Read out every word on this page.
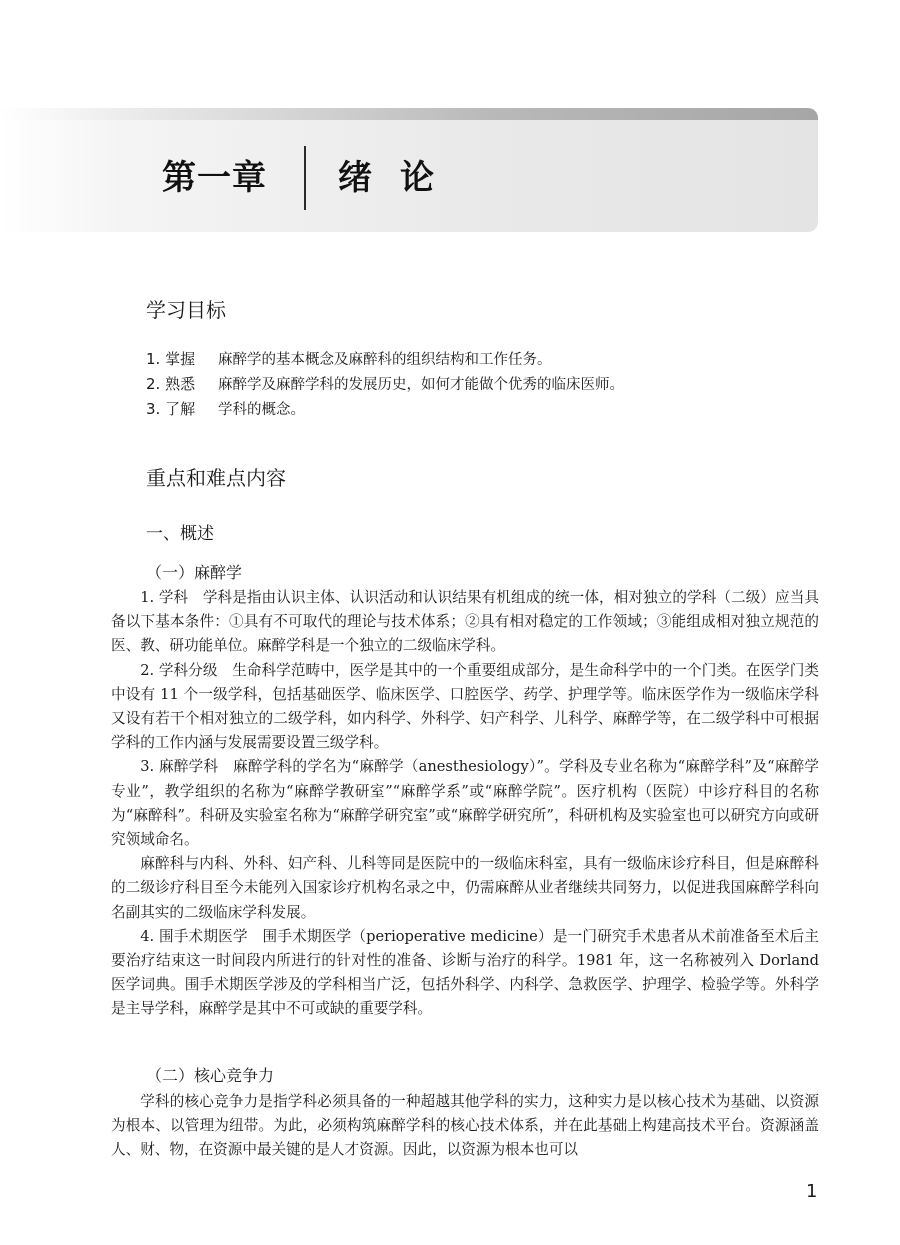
第一章 绪论
学习目标
1. 掌握 麻醉学的基本概念及麻醉科的组织结构和工作任务。
2. 熟悉 麻醉学及麻醉学科的发展历史，如何才能做个优秀的临床医师。
3. 了解 学科的概念。
重点和难点内容
一、概述
（一）麻醉学

1. 学科　学科是指由认识主体、认识活动和认识结果有机组成的统一体，相对独立的学科（二级）应当具备以下基本条件：①具有不可取代的理论与技术体系；②具有相对稳定的工作领域；③能组成相对独立规范的医、教、研功能单位。麻醉学科是一个独立的二级临床学科。

2. 学科分级　生命科学范畴中，医学是其中的一个重要组成部分，是生命科学中的一个门类。在医学门类中设有 11 个一级学科，包括基础医学、临床医学、口腔医学、药学、护理学等。临床医学作为一级临床学科又设有若干个相对独立的二级学科，如内科学、外科学、妇产科学、儿科学、麻醉学等，在二级学科中可根据学科的工作内涵与发展需要设置三级学科。

3. 麻醉学科　麻醉学科的学名为“麻醉学（anesthesiology）”。学科及专业名称为“麻醉学科”及“麻醉学专业”，教学组织的名称为“麻醉学教研室”“麻醉学系”或“麻醉学院”。医疗机构（医院）中诊疗科目的名称为“麻醉科”。科研及实验室名称为“麻醉学研究室”或“麻醉学研究所”，科研机构及实验室也可以研究方向或研究领域命名。

麻醉科与内科、外科、妇产科、儿科等同是医院中的一级临床科室，具有一级临床诊疗科目，但是麻醉科的二级诊疗科目至今未能列入国家诊疗机构名录之中，仍需麻醉从业者继续共同努力，以促进我国麻醉学科向名副其实的二级临床学科发展。

4. 围手术期医学　围手术期医学（perioperative medicine）是一门研究手术患者从术前准备至术后主要治疗结束这一时间段内所进行的针对性的准备、诊断与治疗的科学。1981 年，这一名称被列入 Dorland 医学词典。围手术期医学涉及的学科相当广泛，包括外科学、内科学、急救医学、护理学、检验学等。外科学是主导学科，麻醉学是其中不可或缺的重要学科。

（二）核心竞争力

学科的核心竞争力是指学科必须具备的一种超越其他学科的实力，这种实力是以核心技术为基础、以资源为根本、以管理为纽带。为此，必须构筑麻醉学科的核心技术体系，并在此基础上构建高技术平台。资源涵盖人、财、物，在资源中最关键的是人才资源。因此，以资源为根本也可以

1
